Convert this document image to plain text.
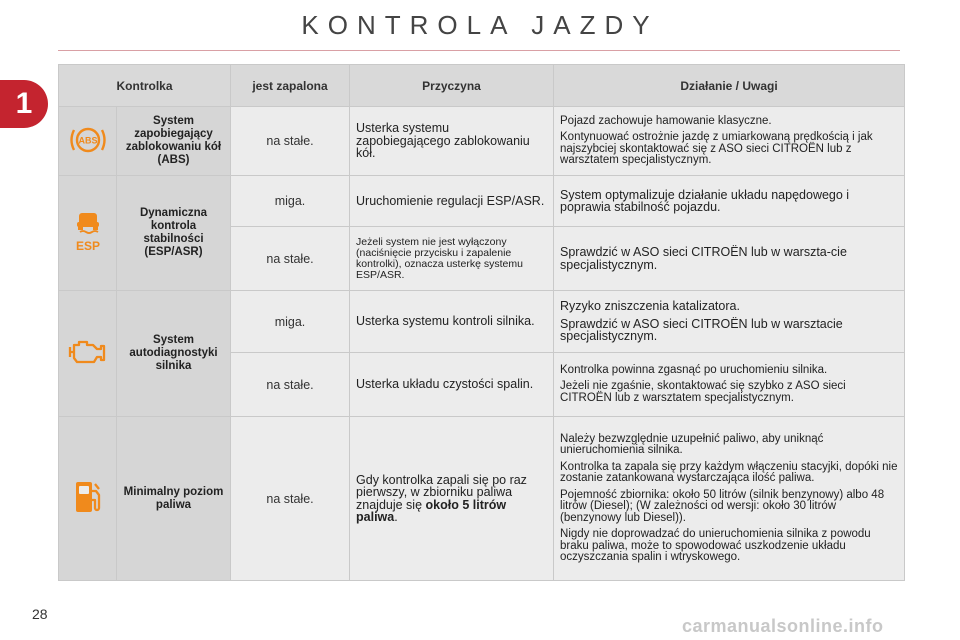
KONTROLA JAZDY
1
Kontrolka		jest zapalona	Przyczyna	Działanie / Uwagi

ABS	System zapobiegający zablokowaniu kół (ABS)	na stałe.	Usterka systemu zapobiegającego zablokowaniu kół.	Pojazd zachowuje hamowanie klasyczne.
Kontynuować ostrożnie jazdę z umiarkowaną prędkością i jak najszybciej skontaktować się z ASO sieci CITROËN lub z warsztatem specjalistycznym.

ESP	Dynamiczna kontrola stabilności (ESP/ASR)	miga.	Uruchomienie regulacji ESP/ASR.	System optymalizuje działanie układu napędowego i poprawia stabilność pojazdu.

		na stałe.	Jeżeli system nie jest wyłączony (naciśnięcie przycisku i zapalenie kontrolki), oznacza usterkę systemu ESP/ASR.	Sprawdzić w ASO sieci CITROËN lub w warszta-cie specjalistycznym.

	System autodiagnostyki silnika	miga.	Usterka systemu kontroli silnika.	Ryzyko zniszczenia katalizatora.
Sprawdzić w ASO sieci CITROËN lub w warsztacie specjalistycznym.

		na stałe.	Usterka układu czystości spalin.	Kontrolka powinna zgasnąć po uruchomieniu silnika.
Jeżeli nie zgaśnie, skontaktować się szybko z ASO sieci CITROËN lub z warsztatem specjalistycznym.

	Minimalny poziom paliwa	na stałe.	Gdy kontrolka zapali się po raz pierwszy, w zbiorniku paliwa znajduje się około 5 litrów paliwa.	Należy bezwzględnie uzupełnić paliwo, aby uniknąć unieruchomienia silnika.
Kontrolka ta zapala się przy każdym włączeniu stacyjki, dopóki nie zostanie zatankowana wystarczająca ilość paliwa.
Pojemność zbiornika: około 50 litrów (silnik benzynowy) albo 48 litrów (Diesel); (W zależności od wersji: około 30 litrów (benzynowy lub Diesel)).
Nigdy nie doprowadzać do unieruchomienia silnika z powodu braku paliwa, może to spowodować uszkodzenie układu oczyszczania spalin i wtryskowego.
28
carmanualsonline.info
